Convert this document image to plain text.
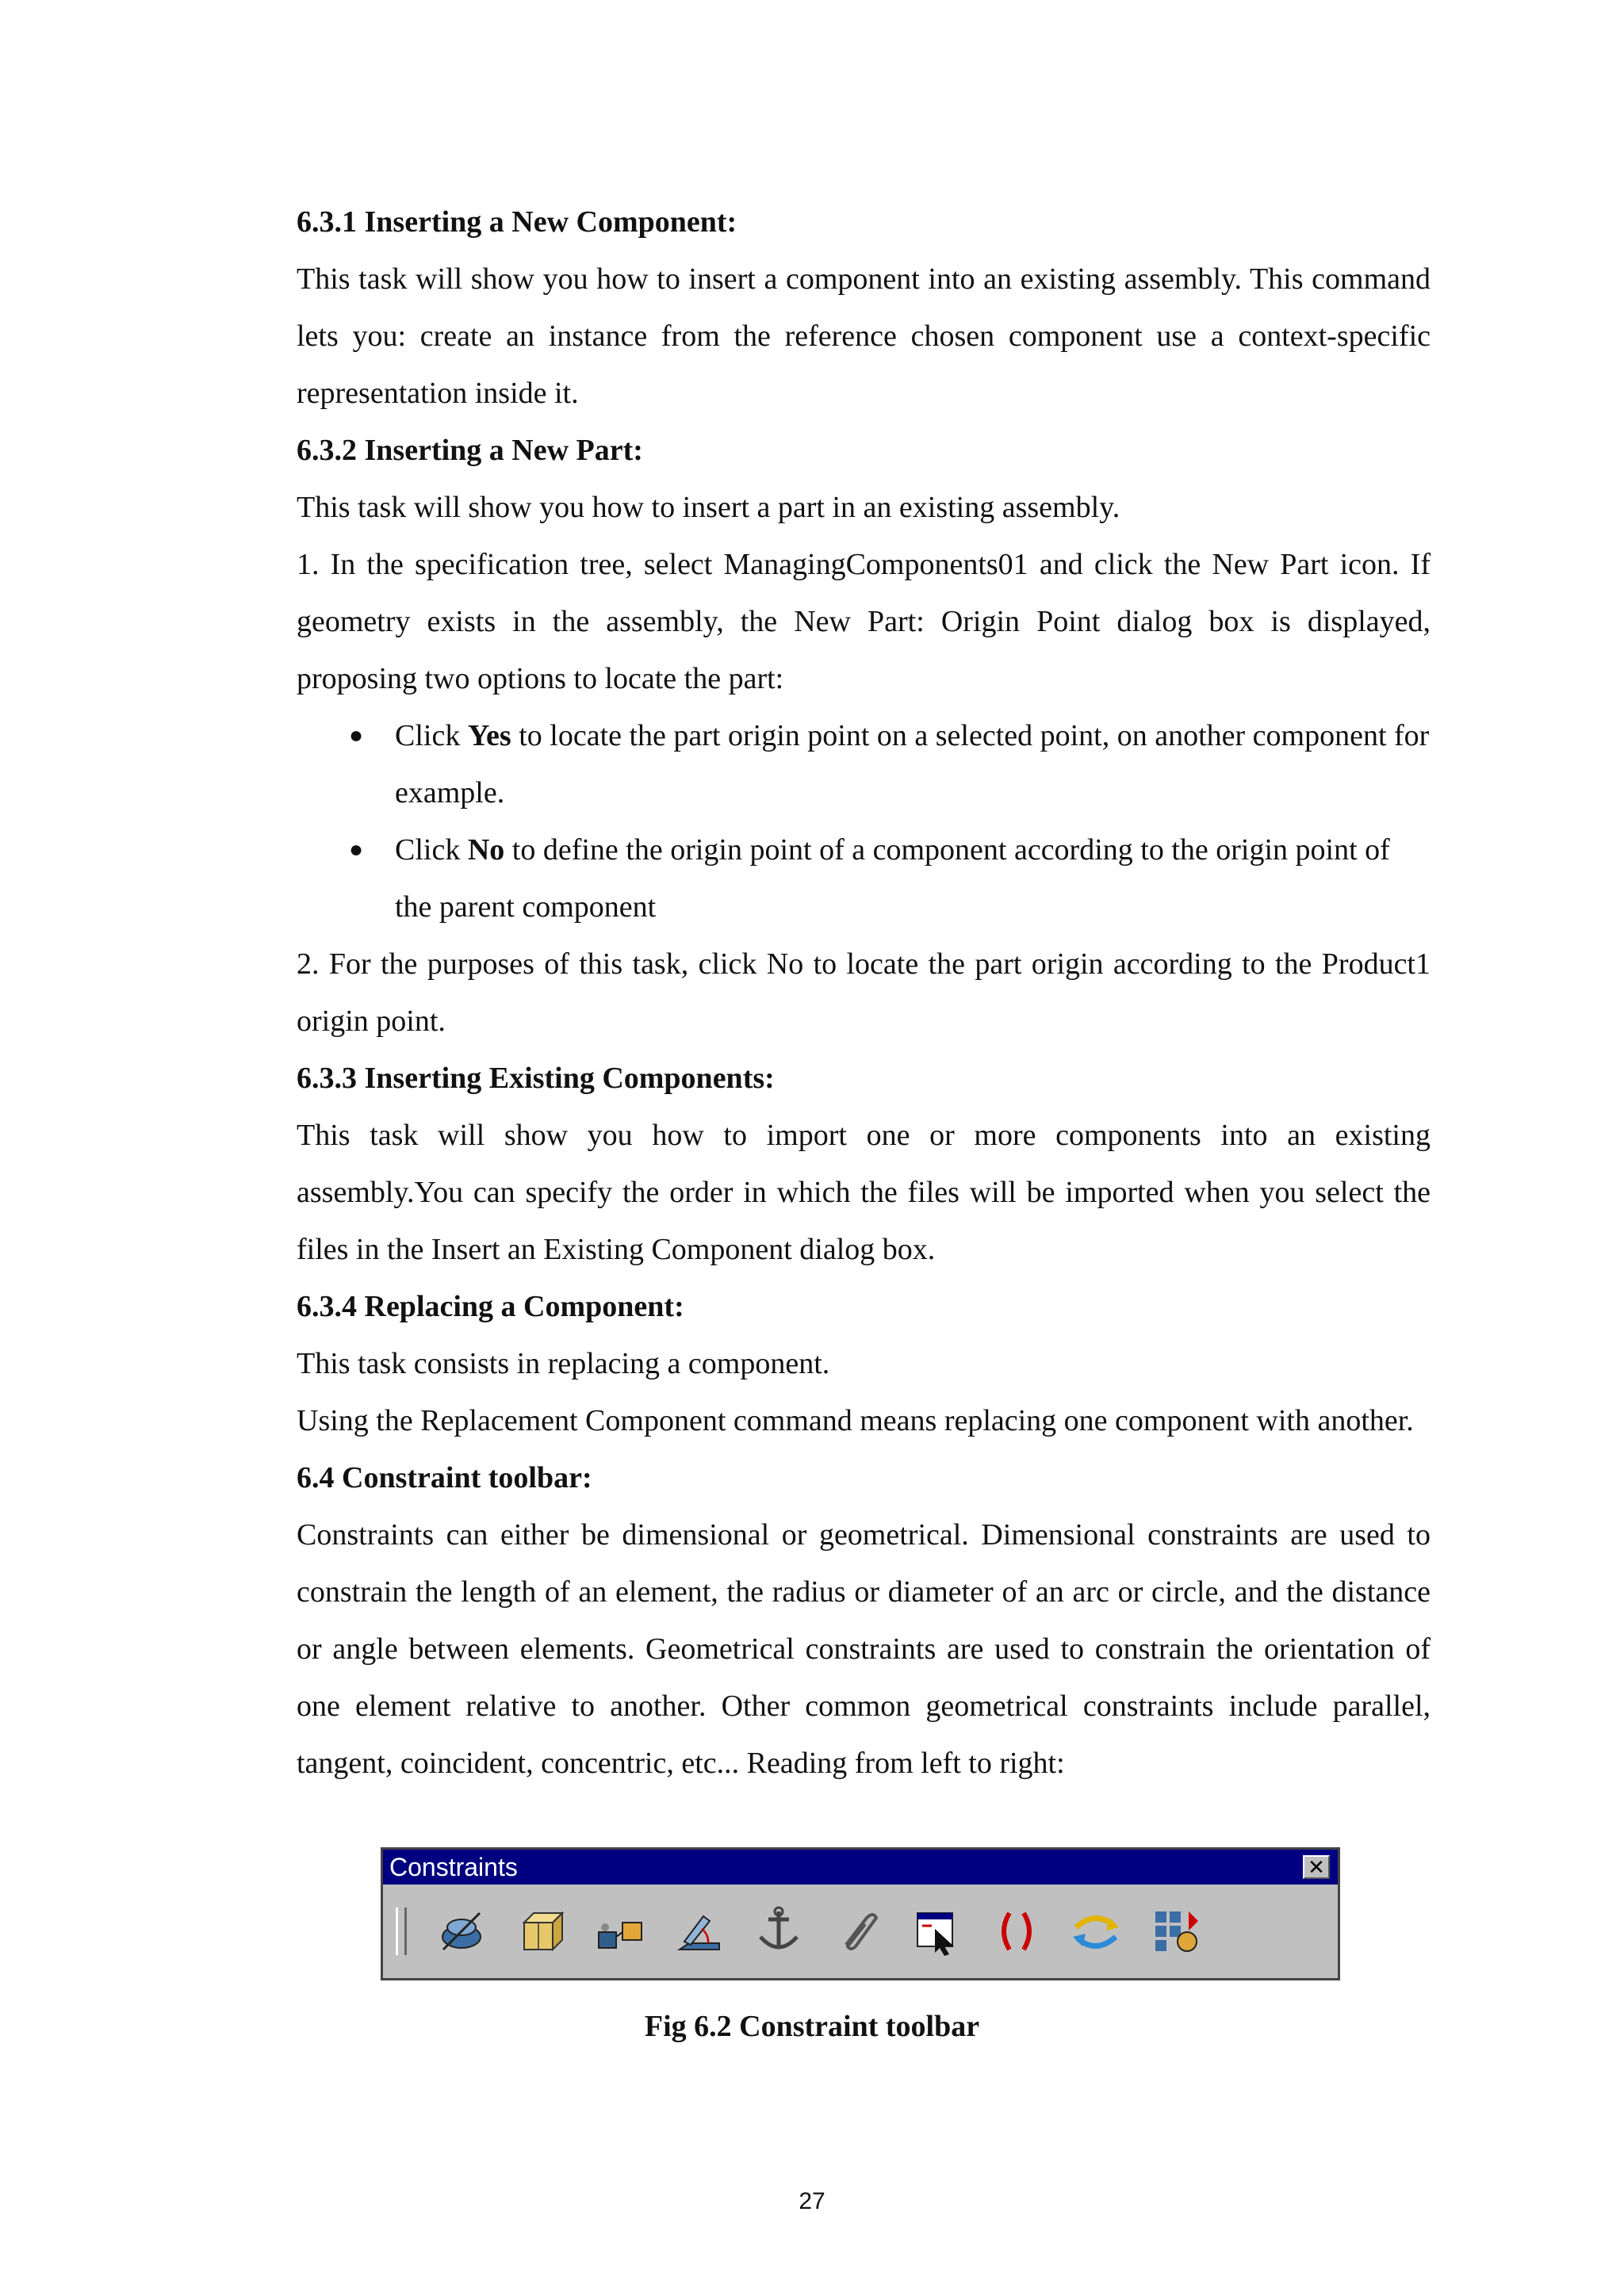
6.3.1 Inserting a New Component:

This task will show you how to insert a component into an existing assembly. This command lets you: create an instance from the reference chosen component use a context-specific representation inside it.

6.3.2 Inserting a New Part:

This task will show you how to insert a part in an existing assembly.

1. In the specification tree, select ManagingComponents01 and click the New Part icon. If geometry exists in the assembly, the New Part: Origin Point dialog box is displayed, proposing two options to locate the part:

● Click Yes to locate the part origin point on a selected point, on another component for example.
● Click No to define the origin point of a component according to the origin point of the parent component

2. For the purposes of this task, click No to locate the part origin according to the Product1 origin point.

6.3.3 Inserting Existing Components:

This task will show you how to import one or more components into an existing assembly.You can specify the order in which the files will be imported when you select the files in the Insert an Existing Component dialog box.

6.3.4 Replacing a Component:

This task consists in replacing a component.

Using the Replacement Component command means replacing one component with another.

6.4 Constraint toolbar:

Constraints can either be dimensional or geometrical. Dimensional constraints are used to constrain the length of an element, the radius or diameter of an arc or circle, and the distance or angle between elements. Geometrical constraints are used to constrain the orientation of one element relative to another. Other common geometrical constraints include parallel, tangent, coincident, concentric, etc... Reading from left to right:

Constraints	✕
Fig 6.2 Constraint toolbar
27
